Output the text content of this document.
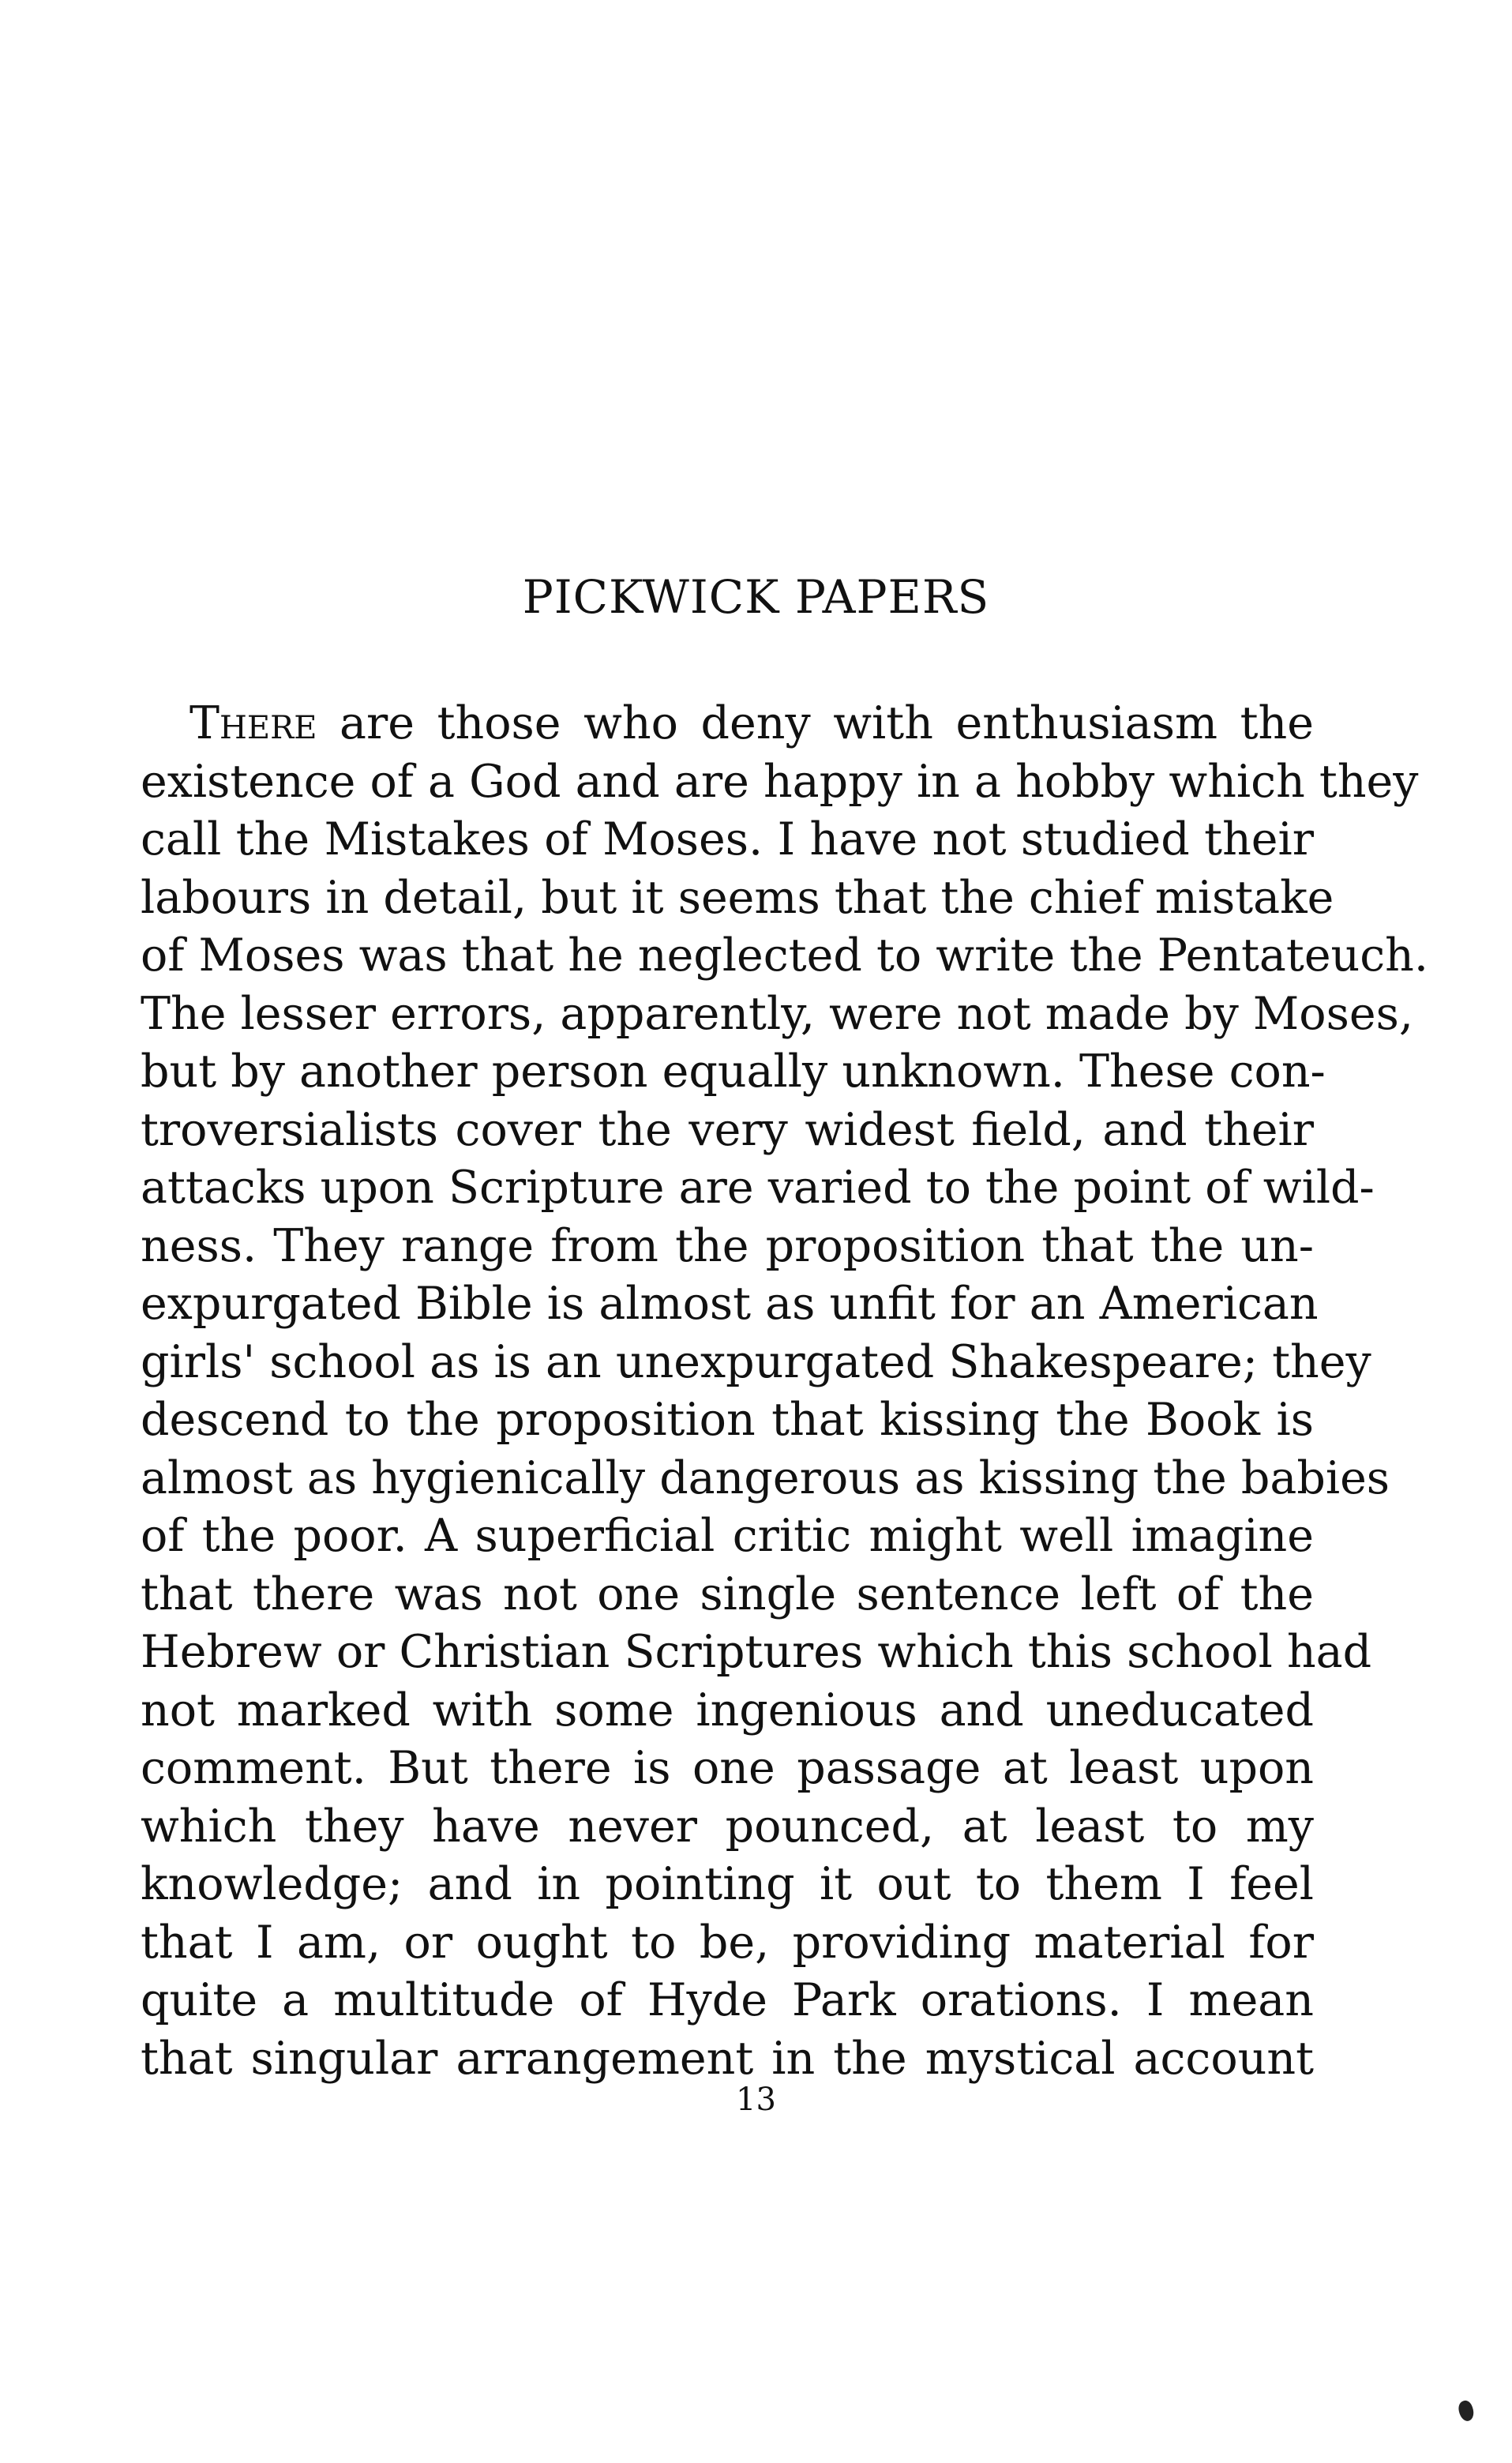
PICKWICK PAPERS
There are those who deny with enthusiasm the
existence of a God and are happy in a hobby which they
call the Mistakes of Moses. I have not studied their
labours in detail, but it seems that the chief mistake
of Moses was that he neglected to write the Pentateuch.
The lesser errors, apparently, were not made by Moses,
but by another person equally unknown. These con-
troversialists cover the very widest field, and their
attacks upon Scripture are varied to the point of wild-
ness. They range from the proposition that the un-
expurgated Bible is almost as unfit for an American
girls' school as is an unexpurgated Shakespeare; they
descend to the proposition that kissing the Book is
almost as hygienically dangerous as kissing the babies
of the poor. A superficial critic might well imagine
that there was not one single sentence left of the
Hebrew or Christian Scriptures which this school had
not marked with some ingenious and uneducated
comment. But there is one passage at least upon
which they have never pounced, at least to my
knowledge; and in pointing it out to them I feel
that I am, or ought to be, providing material for
quite a multitude of Hyde Park orations. I mean
that singular arrangement in the mystical account
13
